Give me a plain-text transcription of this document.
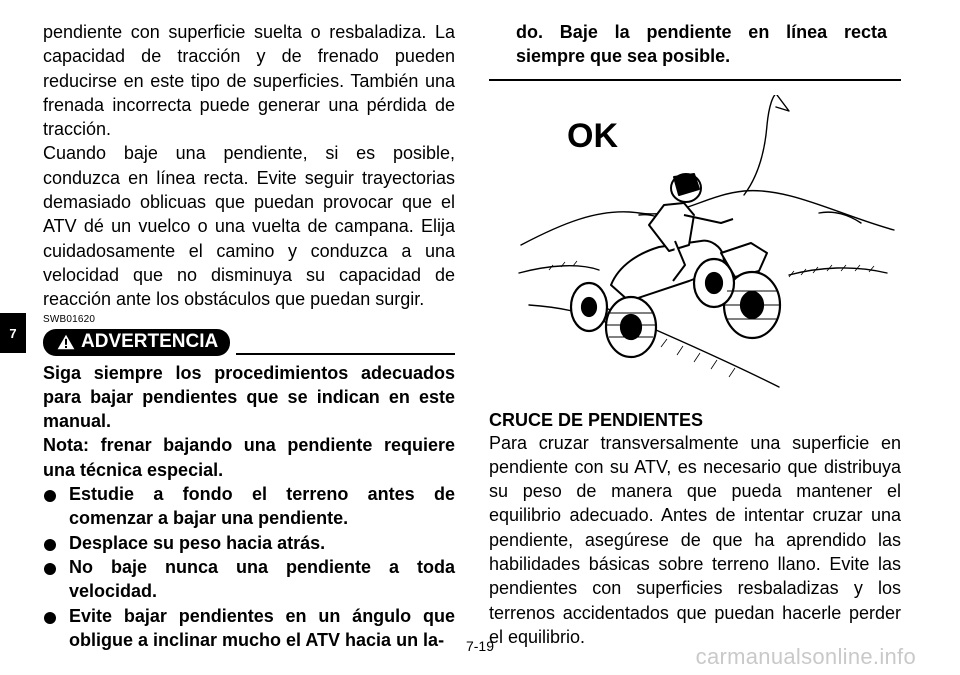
7

pendiente con superficie suelta o resbaladiza. La capacidad de tracción y de frenado pueden reducirse en este tipo de superficies. También una frenada incorrecta puede generar una pérdida de tracción.

Cuando baje una pendiente, si es posible, conduzca en línea recta. Evite seguir trayectorias demasiado oblicuas que puedan provocar que el ATV dé un vuelco o una vuelta de campana. Elija cuidadosamente el camino y conduzca a una velocidad que no disminuya su capacidad de reacción ante los obstáculos que puedan surgir.

SWB01620
ADVERTENCIA

Siga siempre los procedimientos adecuados para bajar pendientes que se indican en este manual.

Nota: frenar bajando una pendiente requiere una técnica especial.

Estudie a fondo el terreno antes de comenzar a bajar una pendiente.
Desplace su peso hacia atrás.
No baje nunca una pendiente a toda velocidad.
Evite bajar pendientes en un ángulo que obligue a inclinar mucho el ATV hacia un la-

do. Baje la pendiente en línea recta siempre que sea posible.

OK
CRUCE DE PENDIENTES

Para cruzar transversalmente una superficie en pendiente con su ATV, es necesario que distribuya su peso de manera que pueda mantener el equilibrio adecuado. Antes de intentar cruzar una pendiente, asegúrese de que ha aprendido las habilidades básicas sobre terreno llano. Evite las pendientes con superficies resbaladizas y los terrenos accidentados que puedan hacerle perder el equilibrio.

7-19	carmanualsonline.info
